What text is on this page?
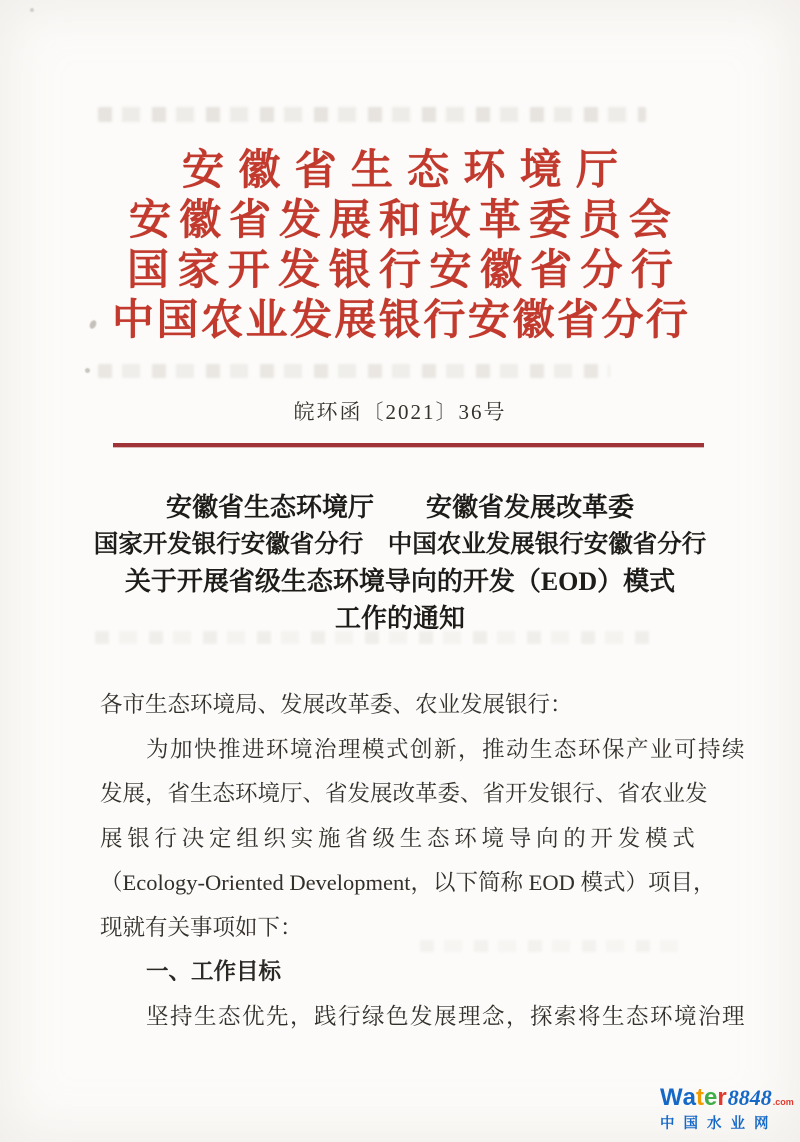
安 徽 省 生 态 环 境 厅
安 徽 省 发 展 和 改 革 委 员 会
国 家 开 发 银 行 安 徽 省 分 行
中 国 农 业 发 展 银 行 安 徽 省 分 行
皖环函〔2021〕36号
安徽省生态环境厅　　安徽省发展改革委
国家开发银行安徽省分行　中国农业发展银行安徽省分行
关于开展省级生态环境导向的开发（EOD）模式
工作的通知
各市生态环境局、发展改革委、农业发展银行：
为加快推进环境治理模式创新，推动生态环保产业可持续
发展，省生态环境厅、省发展改革委、省开发银行、省农业发
展 银 行 决 定 组 织 实 施 省 级 生 态 环 境 导 向 的 开 发 模 式
（Ecology-Oriented Development，以下简称 EOD 模式）项目，
现就有关事项如下：
一、工作目标
坚持生态优先，践行绿色发展理念，探索将生态环境治理
Water 8848 .com
中国水业网
